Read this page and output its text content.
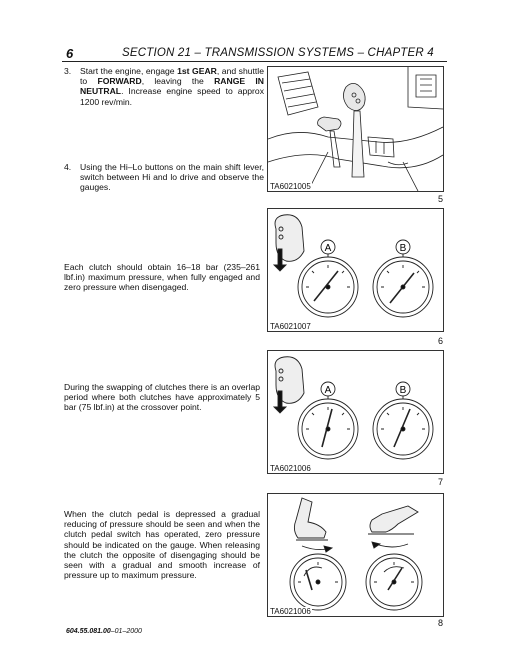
6	SECTION 21 – TRANSMISSION SYSTEMS – CHAPTER 4
3. Start the engine, engage 1st GEAR, and shuttle to FORWARD, leaving the RANGE IN NEUTRAL. Increase engine speed to approx 1200 rev/min.
4. Using the Hi–Lo buttons on the main shift lever, switch between Hi and lo drive and observe the gauges.
Each clutch should obtain 16–18 bar (235–261 lbf.in) maximum pressure, when fully engaged and zero pressure when disengaged.
During the swapping of clutches there is an overlap period where both clutches have approximately 5 bar (75 lbf.in) at the crossover point.
When the clutch pedal is depressed a gradual reducing of pressure should be seen and when the clutch pedal switch has operated, zero pressure should be indicated on the gauge. When releasing the clutch the opposite of disengaging should be seen with a gradual and smooth increase of pressure up to maximum pressure.
TA6021005
5
A	B
TA6021007
6
A	B
TA6021006
7
TA6021006
8
604.55.081.00–01–2000
